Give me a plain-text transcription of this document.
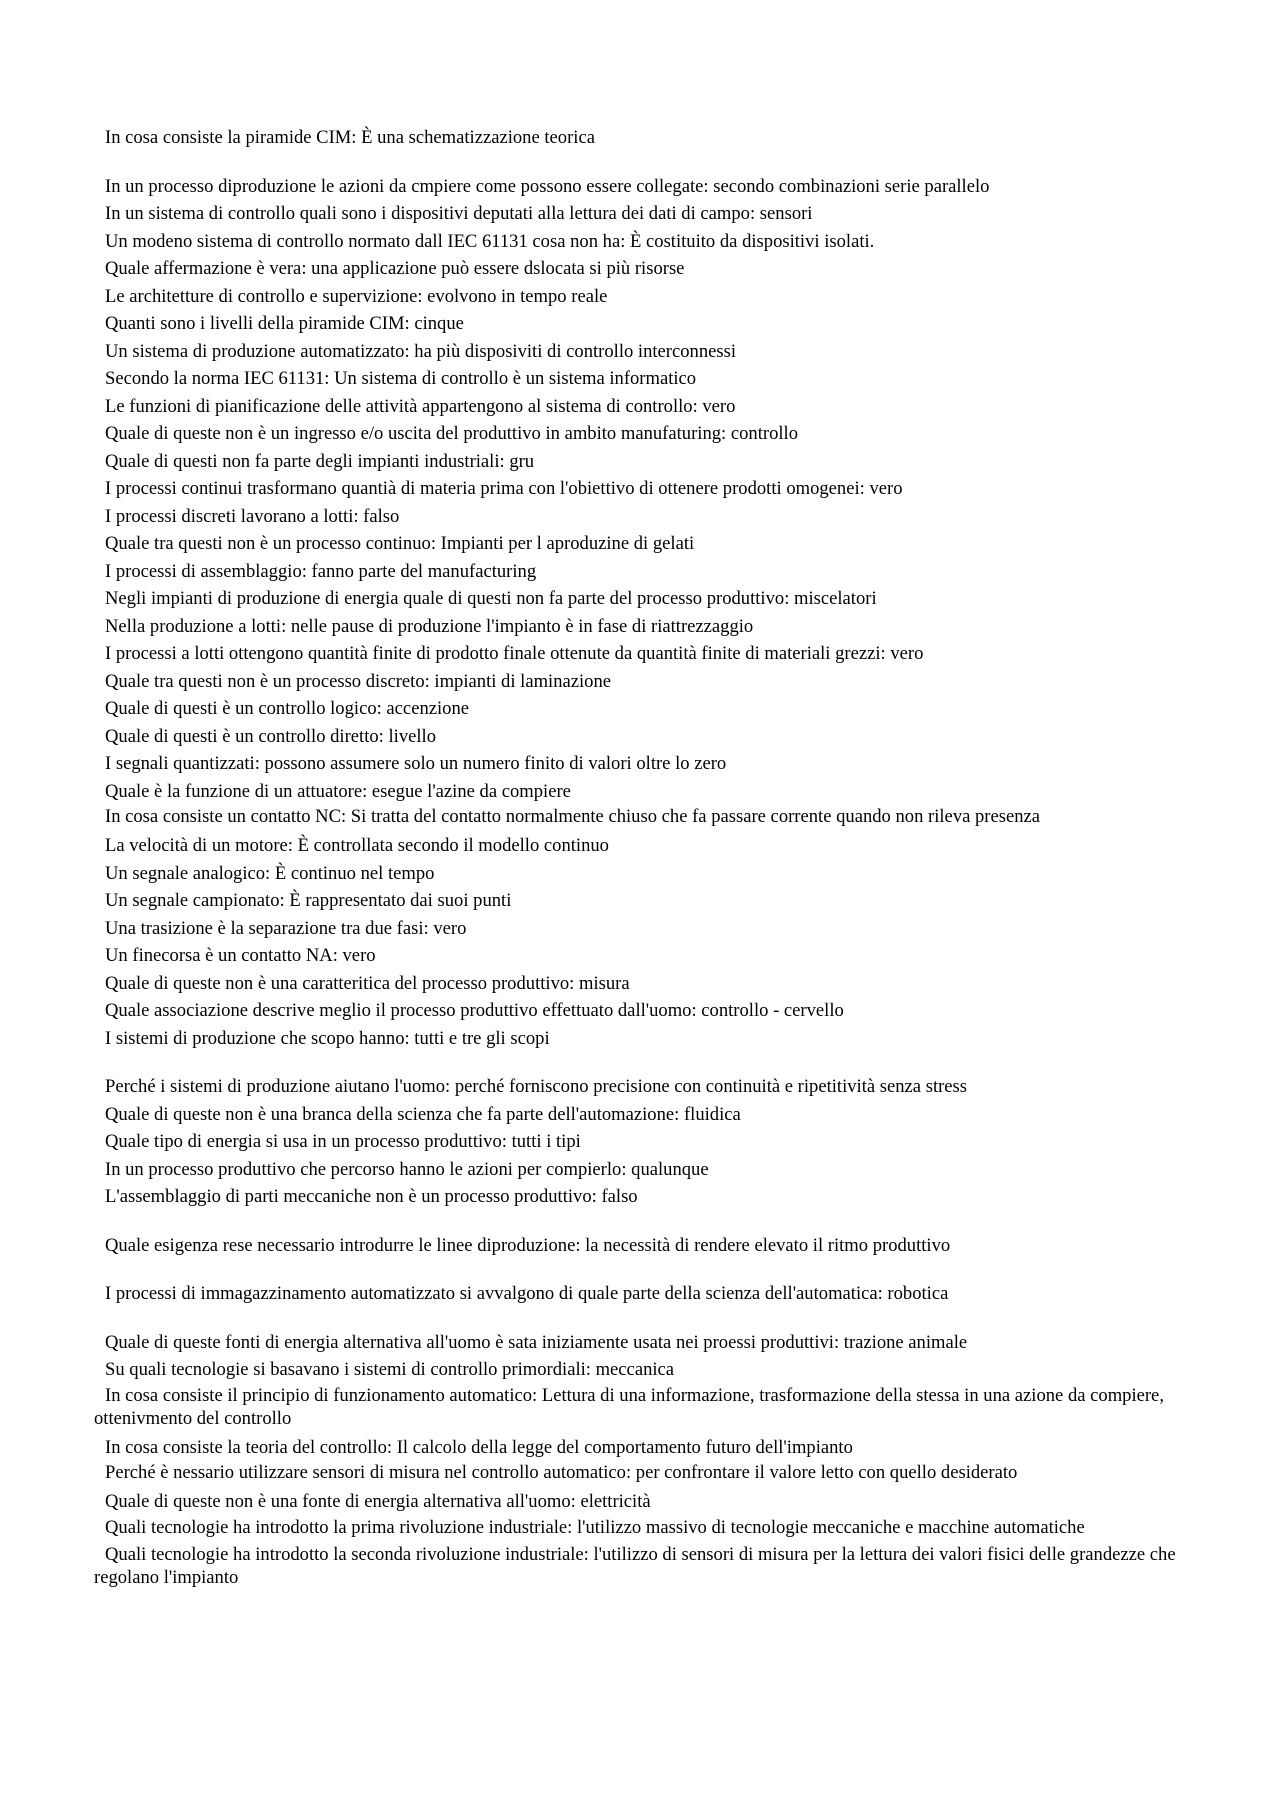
In cosa consiste la piramide CIM: È una schematizzazione teorica
In un processo diproduzione le azioni da cmpiere come possono essere collegate: secondo combinazioni serie parallelo
In un sistema di controllo quali sono i dispositivi deputati alla lettura dei dati di campo: sensori
Un modeno sistema di controllo normato dall IEC 61131 cosa non ha: È costituito da dispositivi isolati.
Quale affermazione è vera: una applicazione può essere dslocata si più risorse
Le architetture di controllo e supervizione: evolvono in tempo reale
Quanti sono i livelli della piramide CIM: cinque
Un sistema di produzione automatizzato: ha più disposiviti di controllo interconnessi
Secondo la norma IEC 61131: Un sistema di controllo è un sistema informatico
Le funzioni di pianificazione delle attività appartengono al sistema di controllo: vero
Quale di queste non è un ingresso e/o uscita del produttivo in ambito manufaturing: controllo
Quale di questi non fa parte degli impianti industriali: gru
I processi continui trasformano quantià di materia prima con l'obiettivo di ottenere prodotti omogenei: vero
I processi discreti lavorano a lotti: falso
Quale tra questi non è un processo continuo: Impianti per l aproduzine di gelati
I processi di assemblaggio: fanno parte del manufacturing
Negli impianti di produzione di energia quale di questi non fa parte del processo produttivo: miscelatori
Nella produzione a lotti: nelle pause di produzione l'impianto è in fase di riattrezzaggio
I processi a lotti ottengono quantità finite di prodotto finale ottenute da quantità finite di materiali grezzi: vero
Quale tra questi non è un processo discreto: impianti di laminazione
Quale di questi è un controllo logico: accenzione
Quale di questi è un controllo diretto: livello
I segnali quantizzati: possono assumere solo un numero finito di valori oltre lo zero
Quale è la funzione di un attuatore: esegue l'azine da compiere
In cosa consiste un contatto NC: Si tratta del contatto normalmente chiuso che fa passare corrente quando non rileva presenza
La velocità di un motore: È controllata secondo il modello continuo
Un segnale analogico: È continuo nel tempo
Un segnale campionato: È rappresentato dai suoi punti
Una trasizione è la separazione tra due fasi: vero
Un finecorsa è un contatto NA: vero
Quale di queste non è una caratteritica del processo produttivo: misura
Quale associazione descrive meglio il processo produttivo effettuato dall'uomo: controllo - cervello
I sistemi di produzione che scopo hanno: tutti e tre gli scopi
Perché i sistemi di produzione aiutano l'uomo: perché forniscono precisione con continuità e ripetitività senza stress
Quale di queste non è una branca della scienza che fa parte dell'automazione: fluidica
Quale tipo di energia si usa in un processo produttivo: tutti i tipi
In un processo produttivo che percorso hanno le azioni per compierlo: qualunque
L'assemblaggio di parti meccaniche non è un processo produttivo: falso
Quale esigenza rese necessario introdurre le linee diproduzione: la necessità di rendere elevato il ritmo produttivo
I processi di immagazzinamento automatizzato si avvalgono di quale parte della scienza dell'automatica: robotica
Quale di queste fonti di energia alternativa all'uomo è sata iniziamente usata nei proessi produttivi: trazione animale
Su quali tecnologie si basavano i sistemi di controllo primordiali: meccanica
In cosa consiste il principio di funzionamento automatico: Lettura di una informazione, trasformazione della stessa in una azione da compiere, ottenivmento del controllo
In cosa consiste la teoria del controllo: Il calcolo della legge del comportamento futuro dell'impianto
Perché è nessario utilizzare sensori di misura nel controllo automatico: per confrontare il valore letto con quello desiderato
Quale di queste non è una fonte di energia alternativa all'uomo: elettricità
Quali tecnologie ha introdotto la prima rivoluzione industriale: l'utilizzo massivo di tecnologie meccaniche e macchine automatiche
Quali tecnologie ha introdotto la seconda rivoluzione industriale: l'utilizzo di sensori di misura per la lettura dei valori fisici delle grandezze che regolano l'impianto
